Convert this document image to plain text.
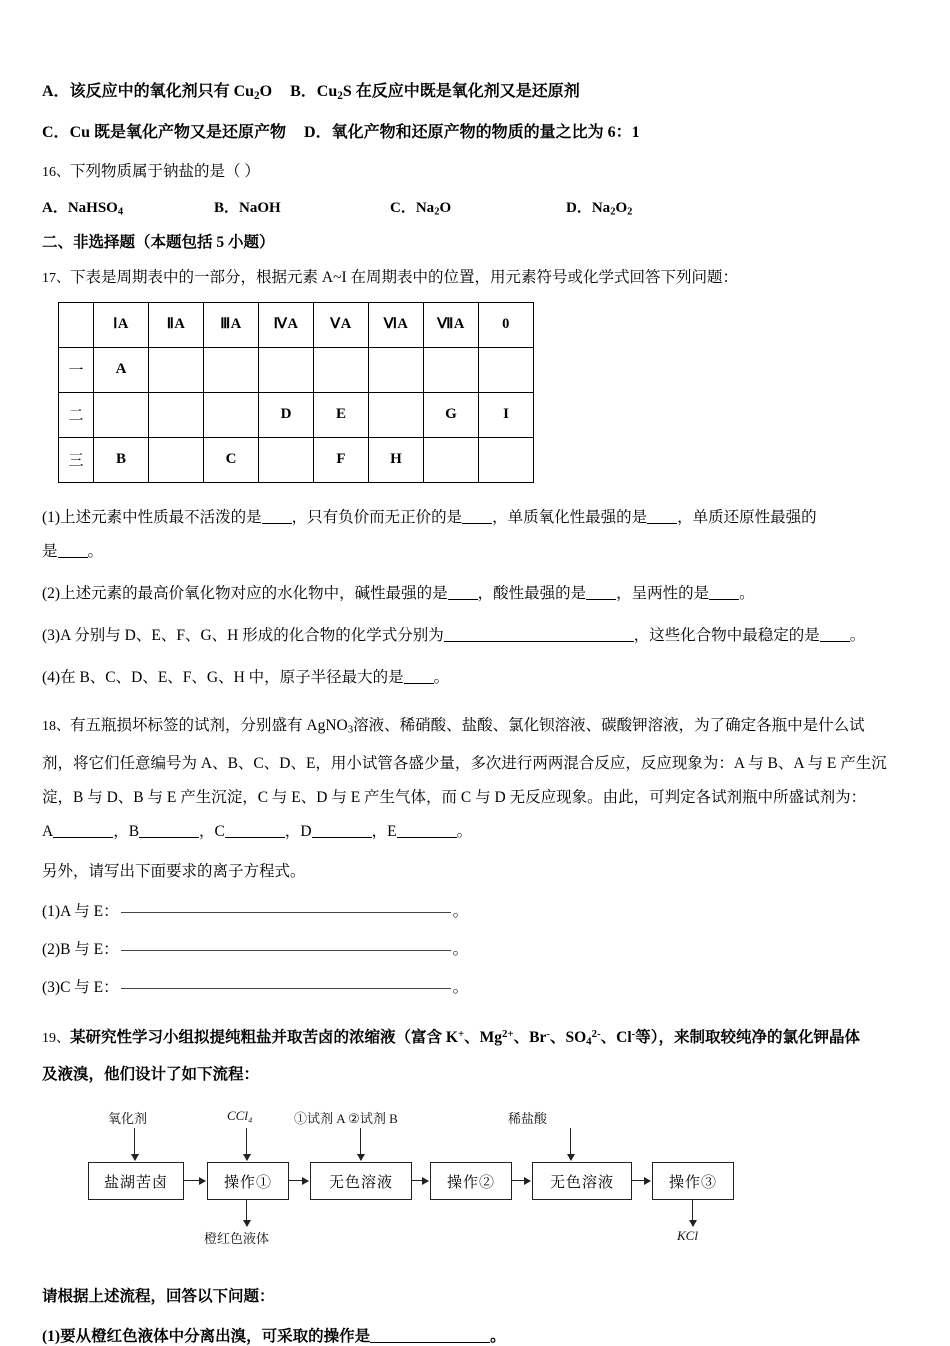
A．该反应中的氧化剂只有 $Cu_2O$ B．$Cu_2S$ 在反应中既是氧化剂又是还原剂
C．Cu 既是氧化产物又是还原产物 D．氧化产物和还原产物的物质的量之比为 6：1
16、下列物质属于钠盐的是（ ）
A．NaHSO$_4$	B．NaOH	C．$Na_2O$	D．$Na_2O_2$
二、非选择题（本题包括 5 小题）
17、下表是周期表中的一部分，根据元素 A~I 在周期表中的位置，用元素符号或化学式回答下列问题：
	ⅠA	ⅡA	ⅢA	ⅣA	ⅤA	ⅥA	ⅦA	0
一	A							
二				D	E		G	I
三	B		C		F	H		
(1)上述元素中性质最不活泼的是 ，只有负价而无正价的是 ，单质氧化性最强的是 ，单质还原性最强的
是 。
(2)上述元素的最高价氧化物对应的水化物中，碱性最强的是 ，酸性最强的是 ，呈两性的是 。
(3)A 分别与 D、E、F、G、H 形成的化合物的化学式分别为	，这些化合物中最稳定的是 。
(4)在 B、C、D、E、F、G、H 中，原子半径最大的是 。
18、有五瓶损坏标签的试剂，分别盛有 AgNO$_3$溶液、稀硝酸、盐酸、氯化钡溶液、碳酸钾溶液，为了确定各瓶中是什么试
剂，将它们任意编号为 A、B、C、D、E，用小试管各盛少量，多次进行两两混合反应，反应现象为：A 与 B、A 与 E 产生沉
淀，B 与 D、B 与 E 产生沉淀，C 与 E、D 与 E 产生气体，而 C 与 D 无反应现象。由此，可判定各试剂瓶中所盛试剂为：
A	，B	，C	，D	，E	。
另外，请写出下面要求的离子方程式。
(1)A 与 E：	。
(2)B 与 E：	。
(3)C 与 E：	。
19、某研究性学习小组拟提纯粗盐并取苦卤的浓缩液（富含 K+、$Mg^{2+}$、Br-、$SO_4^{2-}$、Cl-等），来制取较纯净的氯化钾晶体
及液溴，他们设计了如下流程：
氧化剂	CCl₄	①试剂 A ②试剂 B	稀盐酸
盐湖苦卤	操作①	无色溶液	操作②	无色溶液	操作③
橙红色液体	KCl
请根据上述流程，回答以下问题：
(1)要从橙红色液体中分离出溴，可采取的操作是	。
